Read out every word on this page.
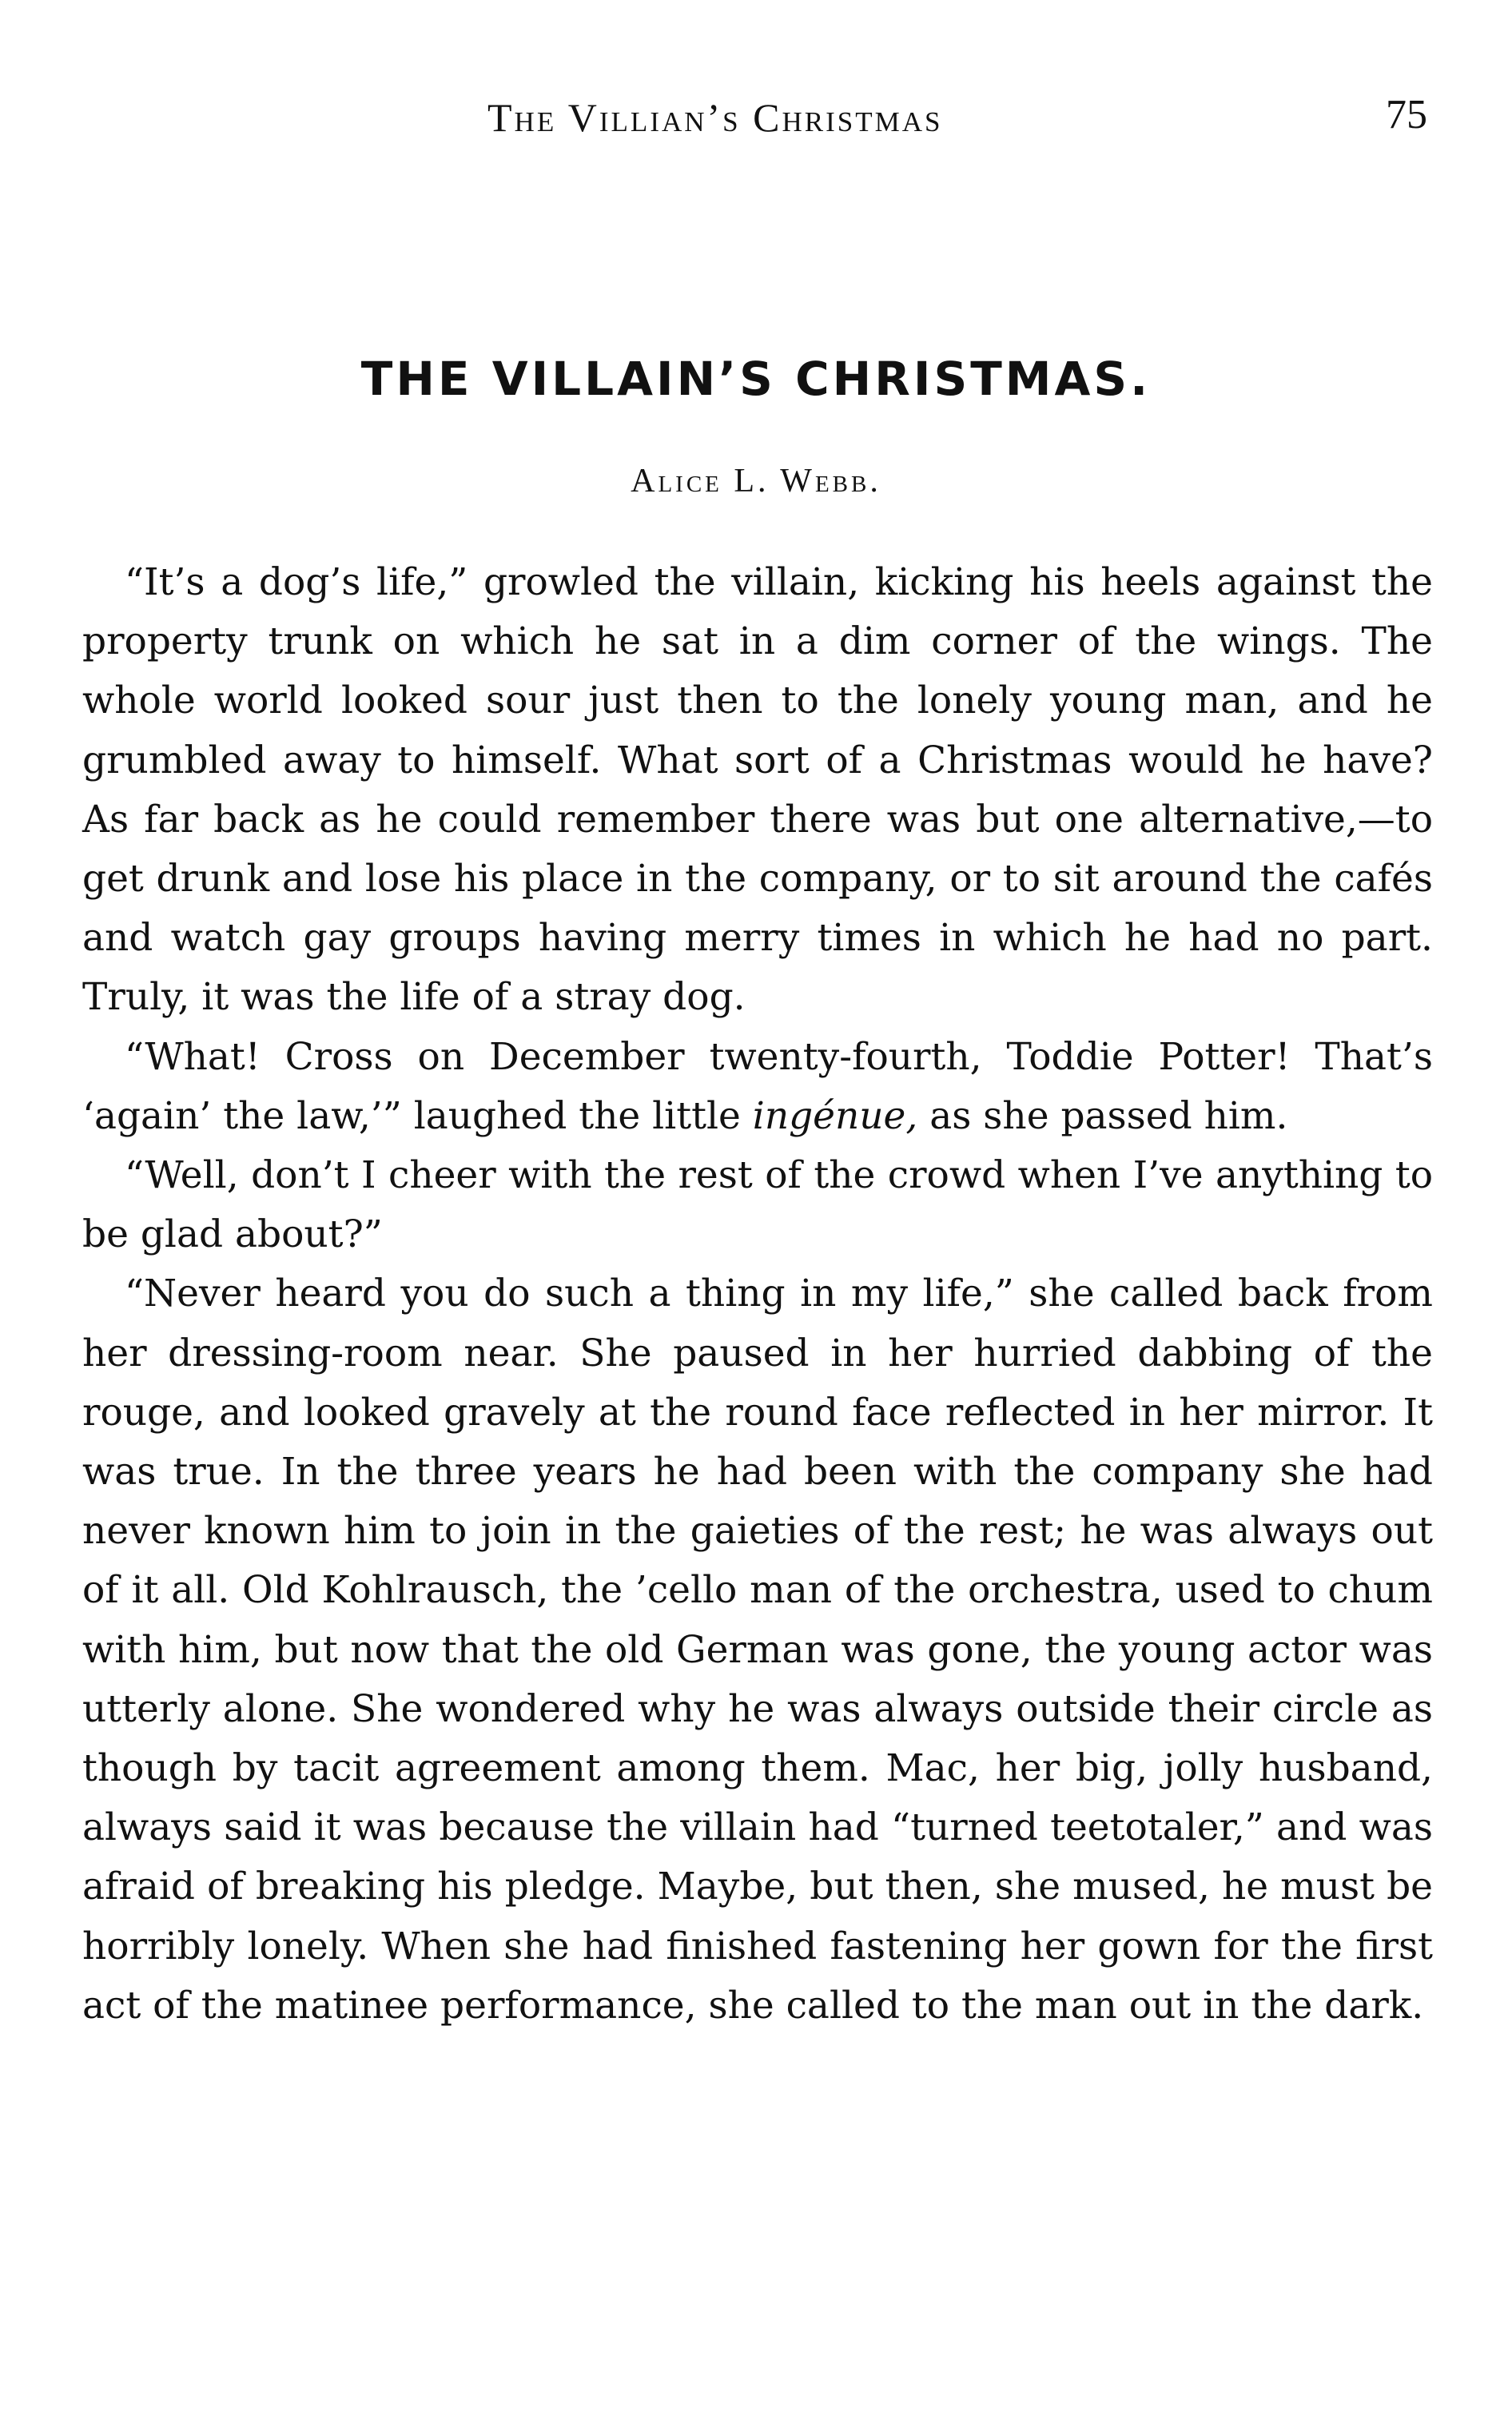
The Villian’s Christmas	75
THE VILLAIN’S CHRISTMAS.
Alice L. Webb.

“It’s a dog’s life,” growled the villain, kicking his heels against the property trunk on which he sat in a dim corner of the wings. The whole world looked sour just then to the lonely young man, and he grumbled away to himself. What sort of a Christmas would he have? As far back as he could remember there was but one alternative,—to get drunk and lose his place in the company, or to sit around the cafés and watch gay groups having merry times in which he had no part. Truly, it was the life of a stray dog.

“What! Cross on December twenty-fourth, Toddie Potter! That’s ‘again’ the law,’” laughed the little ingénue, as she passed him.

“Well, don’t I cheer with the rest of the crowd when I’ve anything to be glad about?”

“Never heard you do such a thing in my life,” she called back from her dressing-room near. She paused in her hurried dabbing of the rouge, and looked gravely at the round face reflected in her mirror. It was true. In the three years he had been with the company she had never known him to join in the gaieties of the rest; he was always out of it all. Old Kohlrausch, the ’cello man of the orchestra, used to chum with him, but now that the old German was gone, the young actor was utterly alone. She wondered why he was always outside their circle as though by tacit agreement among them. Mac, her big, jolly husband, always said it was because the villain had “turned teetotaler,” and was afraid of breaking his pledge. Maybe, but then, she mused, he must be horribly lonely. When she had finished fastening her gown for the first act of the matinee performance, she called to the man out in the dark.
